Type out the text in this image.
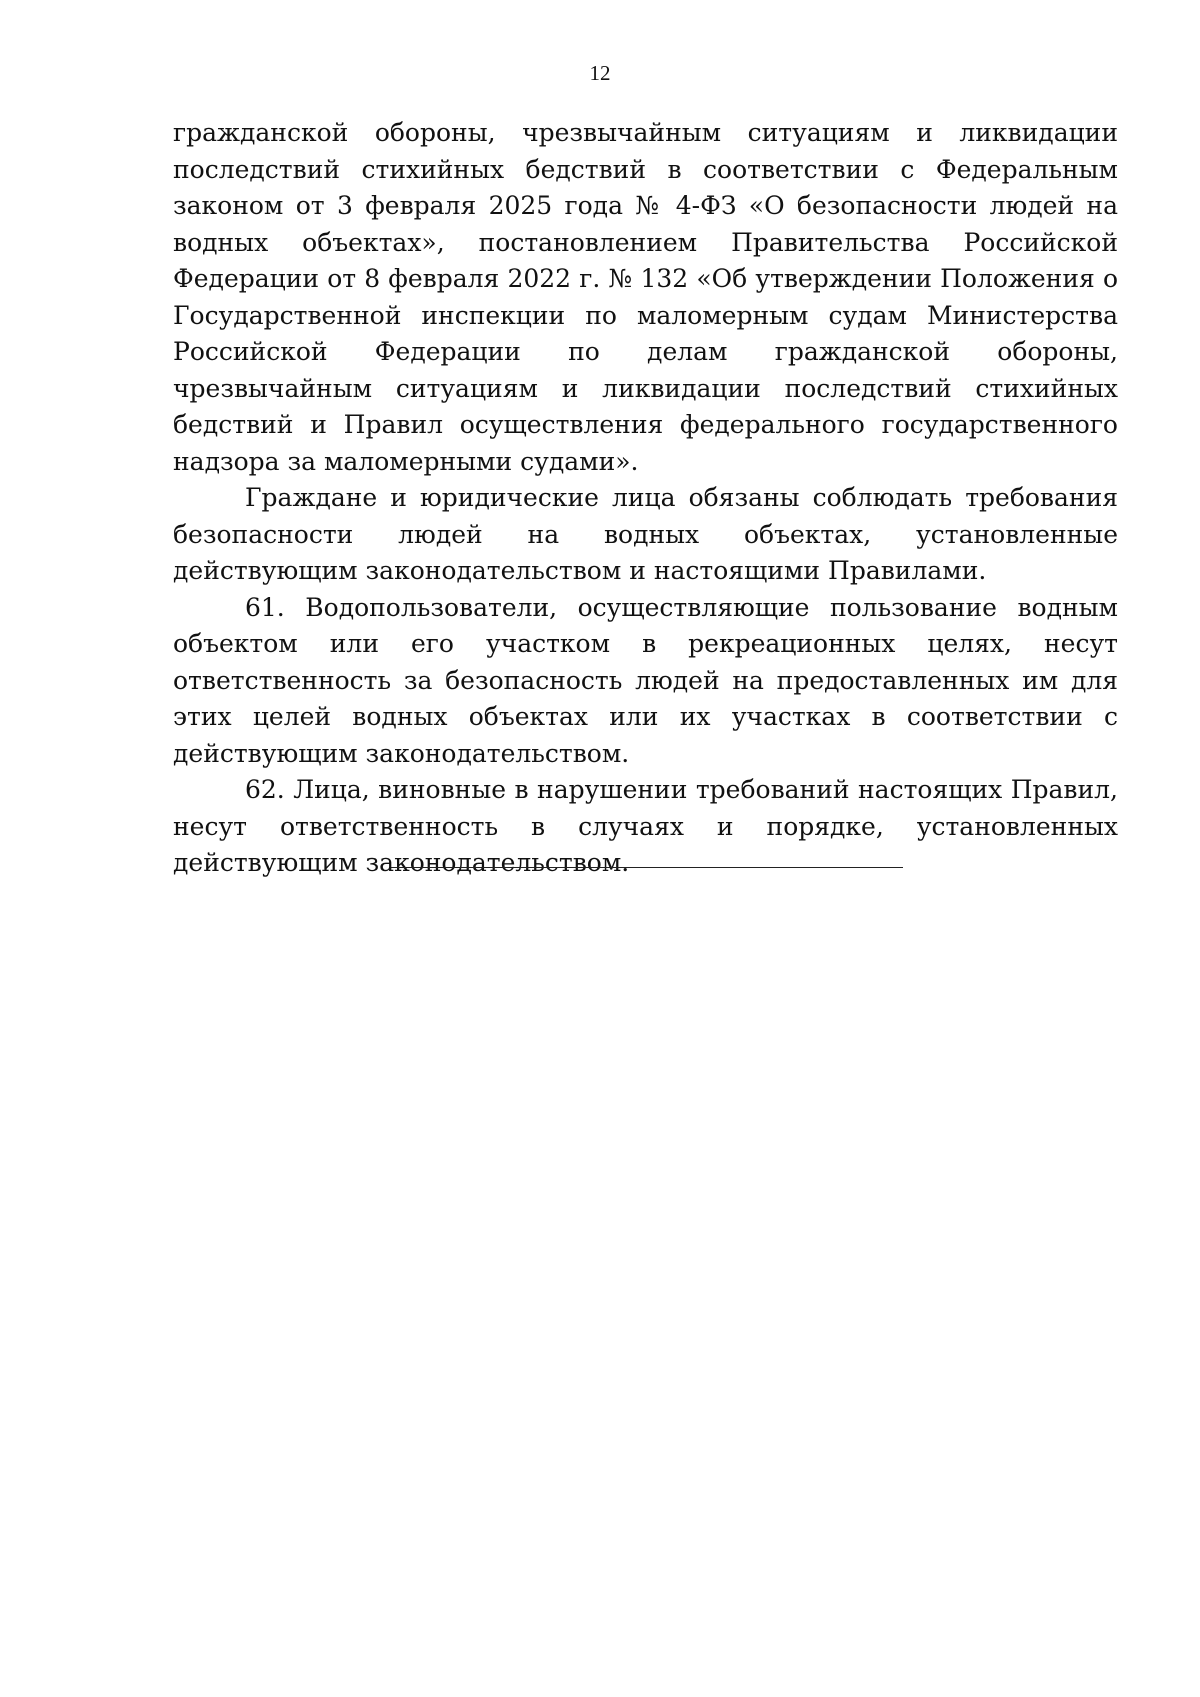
12

гражданской обороны, чрезвычайным ситуациям и ликвидации последствий стихийных бедствий в соответствии с Федеральным законом от 3 февраля 2025 года № 4-ФЗ «О безопасности людей на водных объектах», постановлением Правительства Российской Федерации от 8 февраля 2022 г. № 132 «Об утверждении Положения о Государственной инспекции по маломерным судам Министерства Российской Федерации по делам гражданской обороны, чрезвычайным ситуациям и ликвидации последствий стихийных бедствий и Правил осуществления федерального государственного надзора за маломерными судами».

Граждане и юридические лица обязаны соблюдать требования безопасности людей на водных объектах, установленные действующим законодательством и настоящими Правилами.

61. Водопользователи, осуществляющие пользование водным объектом или его участком в рекреационных целях, несут ответственность за безопасность людей на предоставленных им для этих целей водных объектах или их участках в соответствии с действующим законодательством.

62. Лица, виновные в нарушении требований настоящих Правил, несут ответственность в случаях и порядке, установленных действующим законодательством.
